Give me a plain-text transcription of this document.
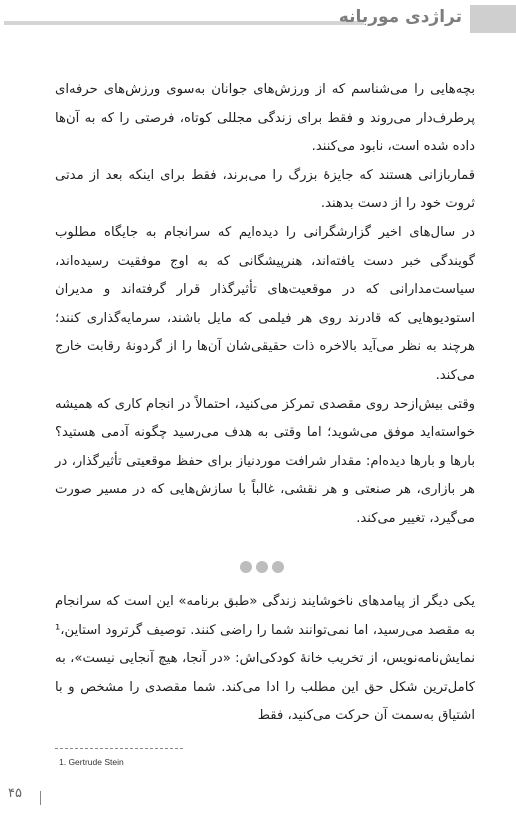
تراژدی موربانه

بچه‌هایی را می‌شناسم که از ورزش‌های جوانان به‌سوی ورزش‌های حرفه‌ای پرطرف‌دار می‌روند و فقط برای زندگی مجللی کوتاه، فرصتی را که به آن‌ها داده شده است، نابود می‌کنند.

قماربازانی هستند که جایزهٔ بزرگ را می‌برند، فقط برای اینکه بعد از مدتی ثروت خود را از دست بدهند.

در سال‌های اخیر گزارشگرانی را دیده‌ایم که سرانجام به جایگاه مطلوب گویندگی خبر دست یافته‌اند، هنرپیشگانی که به اوج موفقیت رسیده‌اند، سیاست‌مدارانی که در موقعیت‌های تأثیرگذار قرار گرفته‌اند و مدیران استودیوهایی که قادرند روی هر فیلمی که مایل باشند، سرمایه‌گذاری کنند؛ هرچند به نظر می‌آید بالاخره ذات حقیقی‌شان آن‌ها را از گردونهٔ رقابت خارج می‌کند.

وقتی بیش‌ازحد روی مقصدی تمرکز می‌کنید، احتمالاً در انجام کاری که همیشه خواسته‌اید موفق می‌شوید؛ اما وقتی به هدف می‌رسید چگونه آدمی هستید؟ بارها و بارها دیده‌ام: مقدار شرافت موردنیاز برای حفظ موقعیتی تأثیرگذار، در هر بازاری، هر صنعتی و هر نقشی، غالباً با سازش‌هایی که در مسیر صورت می‌گیرد، تغییر می‌کند.

یکی دیگر از پیامدهای ناخوشایند زندگی «طبق برنامه» این است که سرانجام به مقصد می‌رسید، اما نمی‌توانند شما را راضی کنند. توصیف گرترود استاین،¹ نمایش‌نامه‌نویس، از تخریب خانهٔ کودکی‌اش: «در آنجا، هیچ آنجایی نیست»، به کامل‌ترین شکل حق این مطلب را ادا می‌کند. شما مقصدی را مشخص و با اشتیاق به‌سمت آن حرکت می‌کنید، فقط

1. Gertrude Stein
۴۵
